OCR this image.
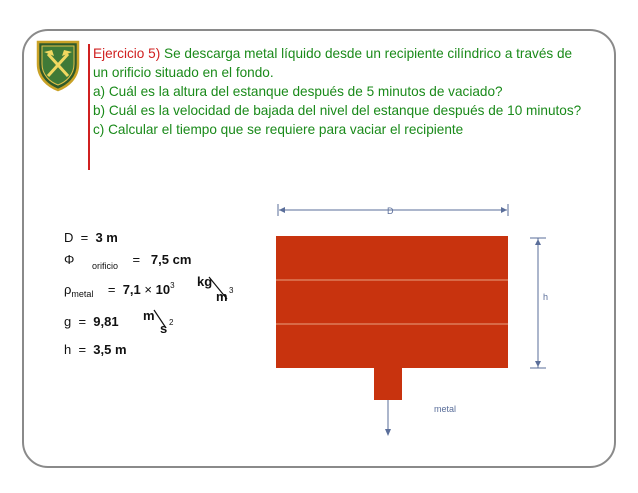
Ejercicio 5) Se descarga metal líquido desde un recipiente cilíndrico a través de un orificio situado en el fondo.

a) Cuál es la altura del estanque después de 5 minutos de vaciado?

b) Cuál es la velocidad de bajada del nivel del estanque después de 10 minutos?

c) Calcular el tiempo que se requiere para vaciar el recipiente

D = 3 m
Φ $_{orificio}$ = 7,5 cm
$\rho_{metal} = 7,1 \times 10^3$ kg
m 3
g = 9,81 m
s 2
h = 3,5 m
D
h
metal
